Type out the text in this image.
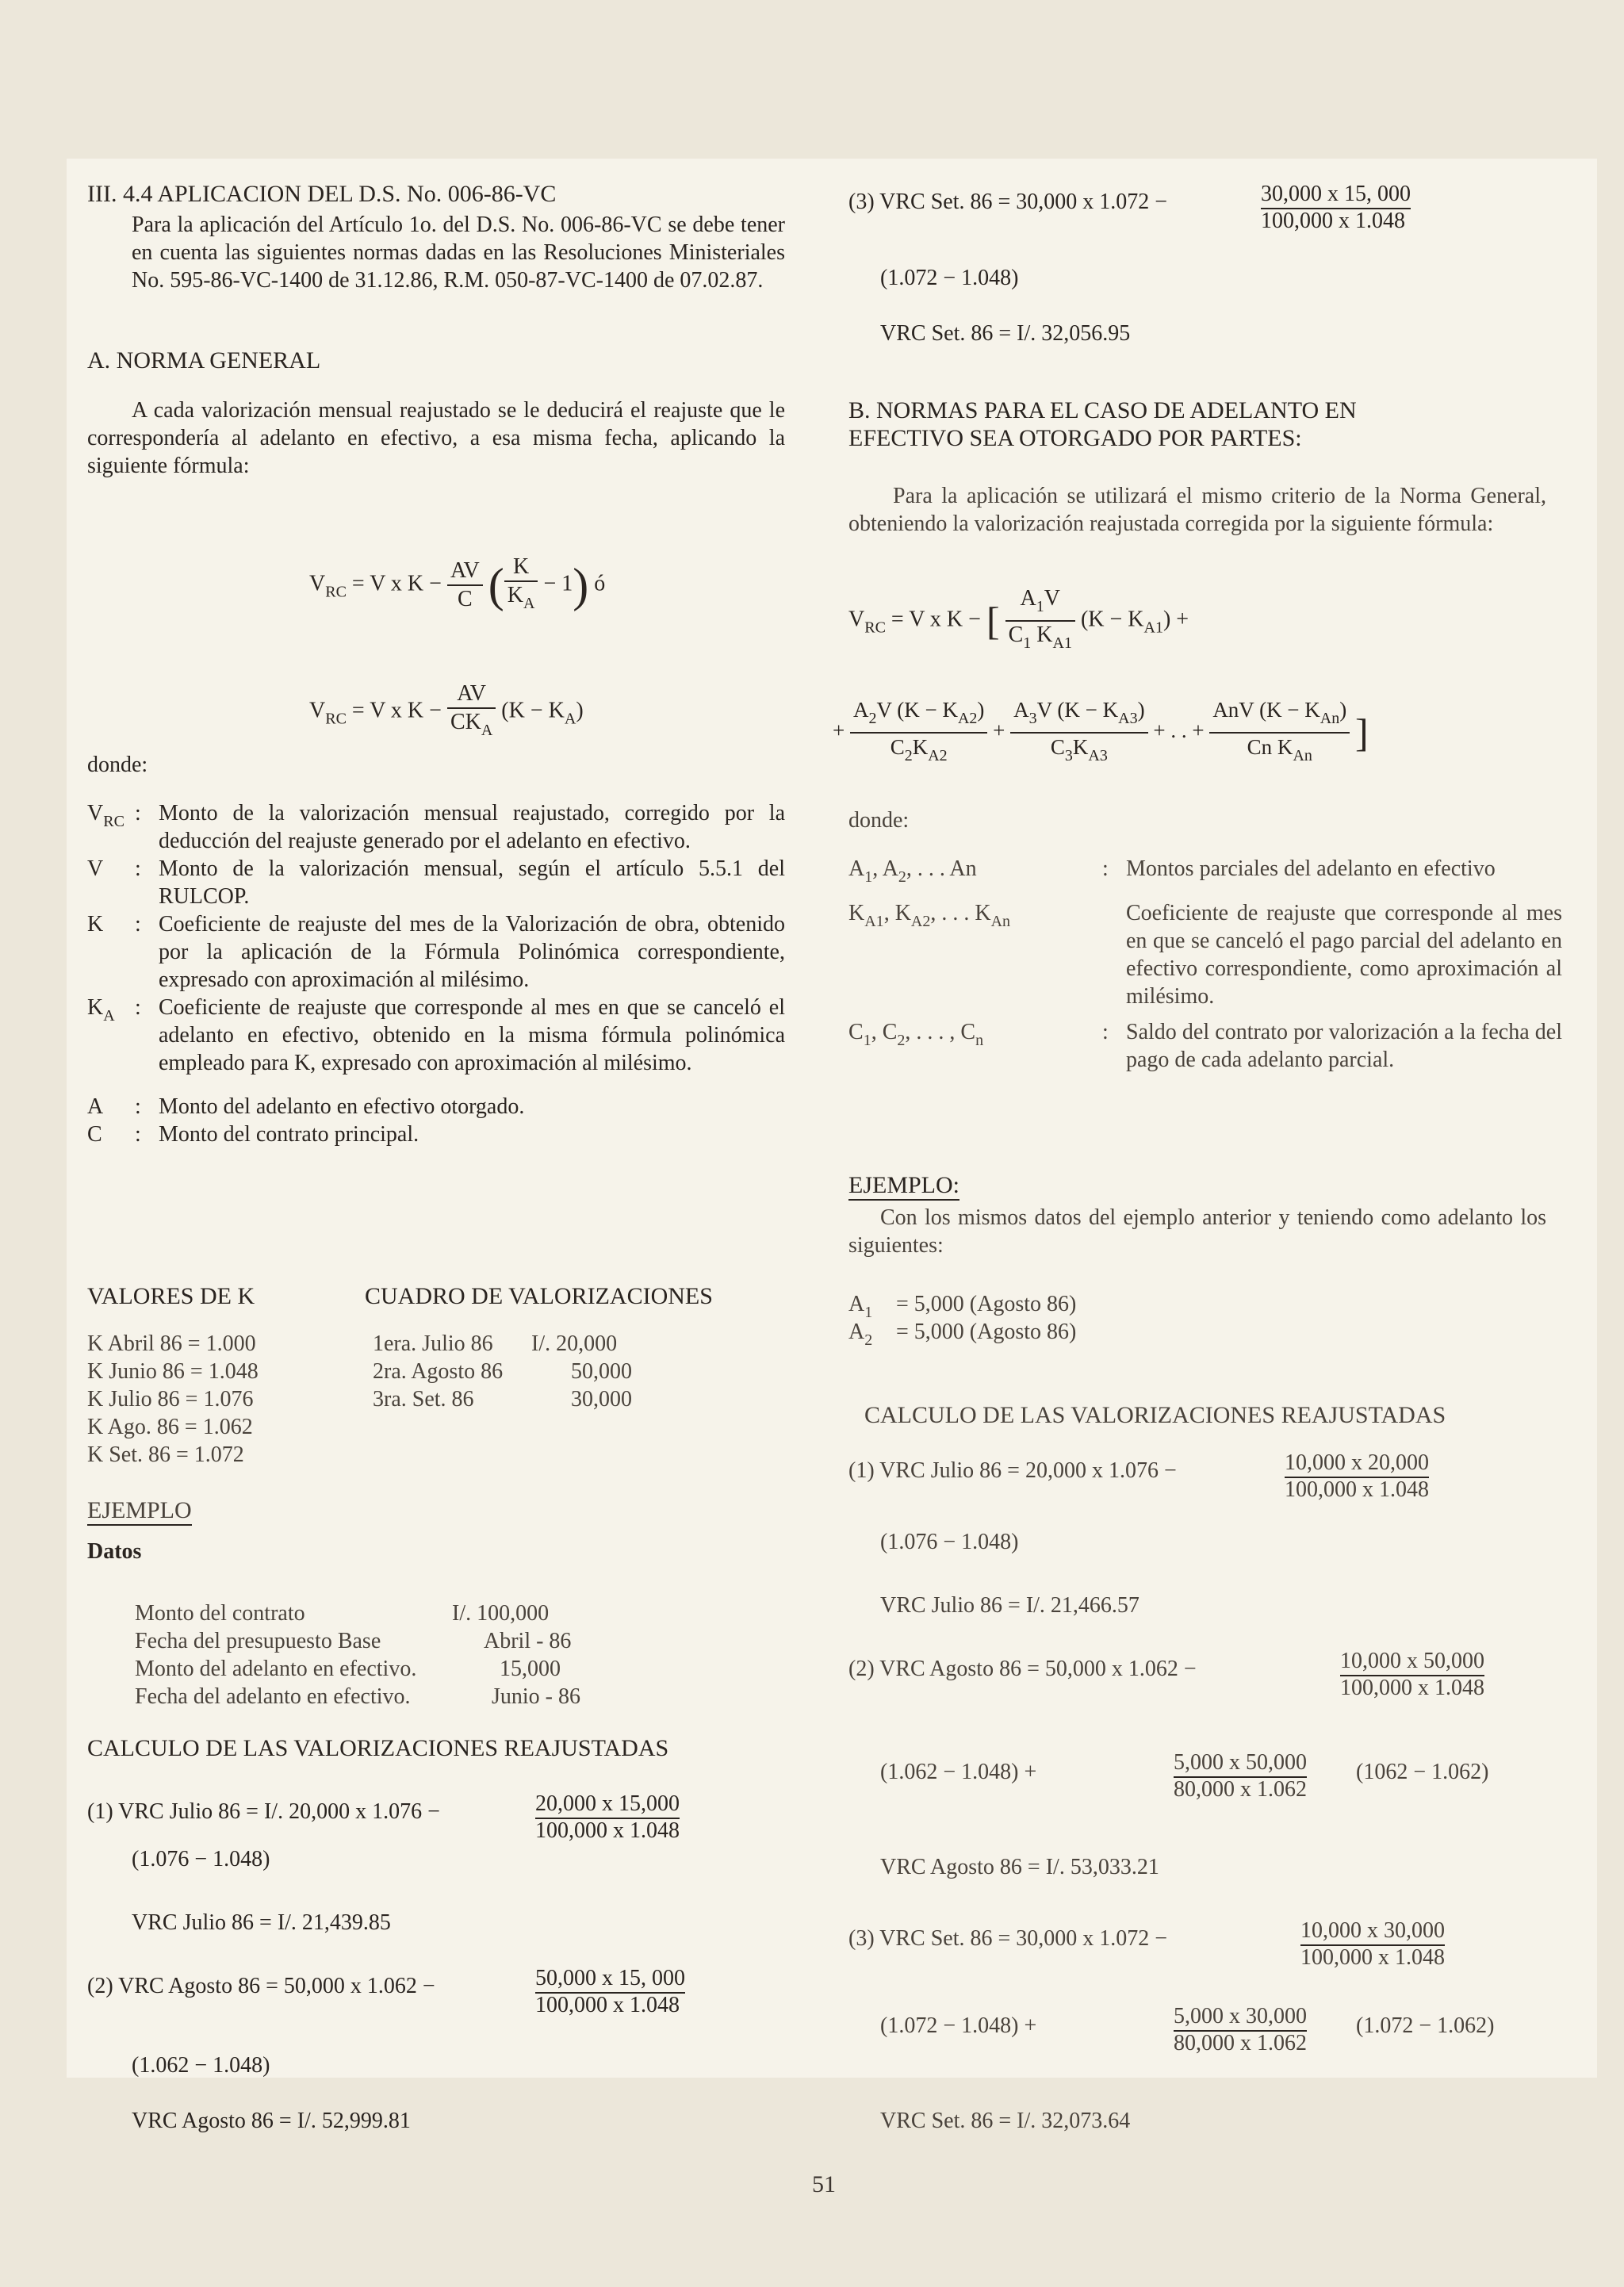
III. 4.4 APLICACION DEL D.S. No. 006-86-VC

Para la aplicación del Artículo 1o. del D.S. No. 006-86-VC se debe tener en cuenta las siguientes normas dadas en las Resoluciones Ministeriales No. 595-86-VC-1400 de 31.12.86, R.M. 050-87-VC-1400 de 07.02.87.

A. NORMA GENERAL

A cada valorización mensual reajustado se le deducirá el reajuste que le correspondería al adelanto en efectivo, a esa misma fecha, aplicando la siguiente fórmula:

$V_{RC} = V$ x $K - \frac{AV}{C}$ ( $\frac{K}{K_A} - 1$) ó
$V_{RC} = V$ x $K - \frac{AV}{CK_A} (K - K_A)$
donde:
$V_{RC}$ : Monto de la valorización mensual reajustado, corregido por la deducción del reajuste generado por el adelanto en efectivo.
V	: Monto de la valorización mensual, según el artículo 5.5.1 del RULCOP.
K	: Coeficiente de reajuste del mes de la Valorización de obra, obtenido por la aplicación de la Fórmula Polinómica correspondiente, expresado con aproximación al milésimo.
$K_A$ : Coeficiente de reajuste que corresponde al mes en que se canceló el adelanto en efectivo, obtenido en la misma fórmula polinómica empleado para K, expresado con aproximación al milésimo.
A	: Monto del adelanto en efectivo otorgado.
C	: Monto del contrato principal.
VALORES DE K	CUADRO DE VALORIZACIONES
K Abril 86 = 1.000
K Junio 86 = 1.048
K Julio 86 = 1.076
K Ago. 86 = 1.062
K Set. 86 = 1.072
1era. Julio 86 I/. 20,000
2ra. Agosto 86	50,000
3ra. Set. 86	30,000
EJEMPLO
Datos
Monto del contrato	I/. 100,000
Fecha del presupuesto Base	Abril - 86
Monto del adelanto en efectivo.	15,000
Fecha del adelanto en efectivo.	Junio - 86
CALCULO DE LAS VALORIZACIONES REAJUSTADAS
(1) VRC Julio 86 = I/. 20,000 x 1.076 −	20,000 x 15,000
100,000 x 1.048
(1.076 − 1.048)
VRC Julio 86 = I/. 21,439.85
(2) VRC Agosto 86 = 50,000 x 1.062 −	50,000 x 15, 000
100,000 x 1.048
(1.062 − 1.048)
VRC Agosto 86 = I/. 52,999.81
(3) VRC Set. 86 = 30,000 x 1.072 −	30,000 x 15, 000
100,000 x 1.048
(1.072 − 1.048)
VRC Set. 86 = I/. 32,056.95

B. NORMAS PARA EL CASO DE ADELANTO EN EFECTIVO SEA OTORGADO POR PARTES:

Para la aplicación se utilizará el mismo criterio de la Norma General, obteniendo la valorización reajustada corregida por la siguiente fórmula:

$V_{RC} = V$ x K − [ $\frac{A_1V}{C_1 K_{A1}} (K - K_{A1})$ +
+ $\frac{A_2V (K - K_{A2})}{C_2K_{A2}} + \frac{A_3V (K - K_{A3})}{C_3K_{A3}}$ + . . + $\frac{AnV (K - K_{An})}{Cn K_{An}}$ ]
donde:
$A_1$, $A_2$, . . . An	: Montos parciales del adelanto en efectivo
$K_{A1}$, $K_{A2}$, . . . $K_{An}$	Coeficiente de reajuste que corresponde al mes en que se canceló el pago parcial del adelanto en efectivo correspondiente, como aproximación al milésimo.
$C_1$, $C_2$, . . . , $C_n$	: Saldo del contrato por valorización a la fecha del pago de cada adelanto parcial.
EJEMPLO:

Con los mismos datos del ejemplo anterior y teniendo como adelanto los siguientes:

$A_1 = 5,000$ (Agosto 86)
$A_2 = 5,000$ (Agosto 86)
CALCULO DE LAS VALORIZACIONES REAJUSTADAS
(1) VRC Julio 86 = 20,000 x 1.076 −	10,000 x 20,000
100,000 x 1.048
(1.076 − 1.048)
VRC Julio 86 = I/. 21,466.57
(2) VRC Agosto 86 = 50,000 x 1.062 −	10,000 x 50,000
100,000 x 1.048
(1.062 − 1.048) +	5,000 x 50,000
80,000 x 1.062
(1062 − 1.062)
VRC Agosto 86 = I/. 53,033.21
(3) VRC Set. 86 = 30,000 x 1.072 −	10,000 x 30,000
100,000 x 1.048
(1.072 − 1.048) +	5,000 x 30,000
80,000 x 1.062
(1.072 − 1.062)
VRC Set. 86 = I/. 32,073.64
51
